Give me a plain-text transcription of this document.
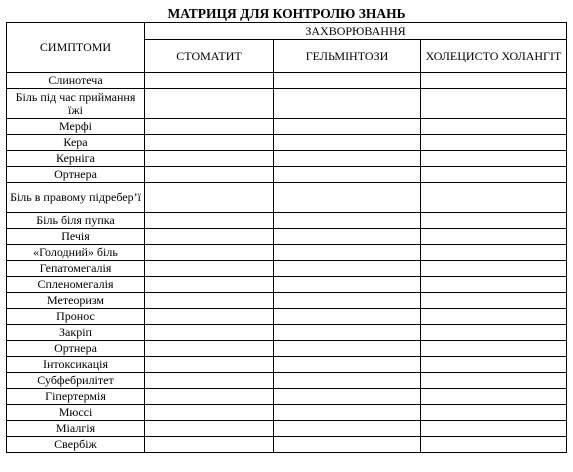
МАТРИЦЯ ДЛЯ КОНТРОЛЮ ЗНАНЬ
СИМПТОМИ	ЗАХВОРЮВАННЯ		
	СТОМАТИТ	ГЕЛЬМІНТОЗИ	ХОЛЕЦИСТО ХОЛАНГІТ
Слинотеча			
Біль під час приймання їжі			
Мерфі			
Кера			
Керніга			
Ортнера			
Біль в правому підребер’ї			
Біль біля пупка			
Печія			
«Голодний» біль			
Гепатомегалія			
Спленомегалія			
Метеоризм			
Пронос			
Закріп			
Ортнера			
Інтоксикація			
Субфебрилітет			
Гіпертермія			
Мюссі			
Міалгія			
Свербіж			
